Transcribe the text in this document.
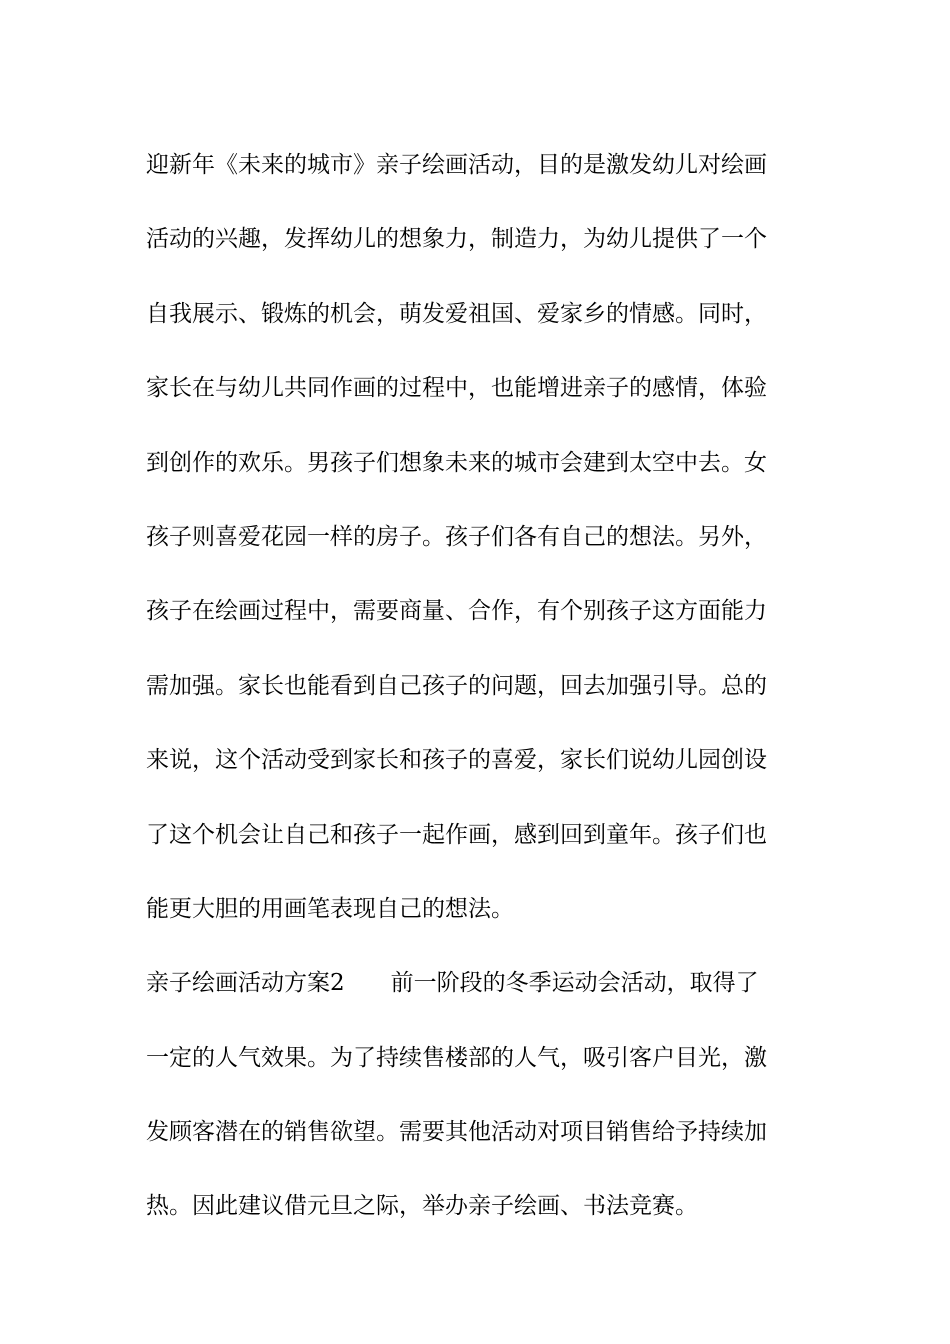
迎新年《未来的城市》亲子绘画活动，目的是激发幼儿对绘画
活动的兴趣，发挥幼儿的想象力，制造力，为幼儿提供了一个
自我展示、锻炼的机会，萌发爱祖国、爱家乡的情感。同时，
家长在与幼儿共同作画的过程中，也能增进亲子的感情，体验
到创作的欢乐。男孩子们想象未来的城市会建到太空中去。女
孩子则喜爱花园一样的房子。孩子们各有自己的想法。另外，
孩子在绘画过程中，需要商量、合作，有个别孩子这方面能力
需加强。家长也能看到自己孩子的问题，回去加强引导。总的
来说，这个活动受到家长和孩子的喜爱，家长们说幼儿园创设
了这个机会让自己和孩子一起作画，感到回到童年。孩子们也
能更大胆的用画笔表现自己的想法。
亲子绘画活动方案2 前一阶段的冬季运动会活动，取得了
一定的人气效果。为了持续售楼部的人气，吸引客户目光，激
发顾客潜在的销售欲望。需要其他活动对项目销售给予持续加
热。因此建议借元旦之际，举办亲子绘画、书法竞赛。
